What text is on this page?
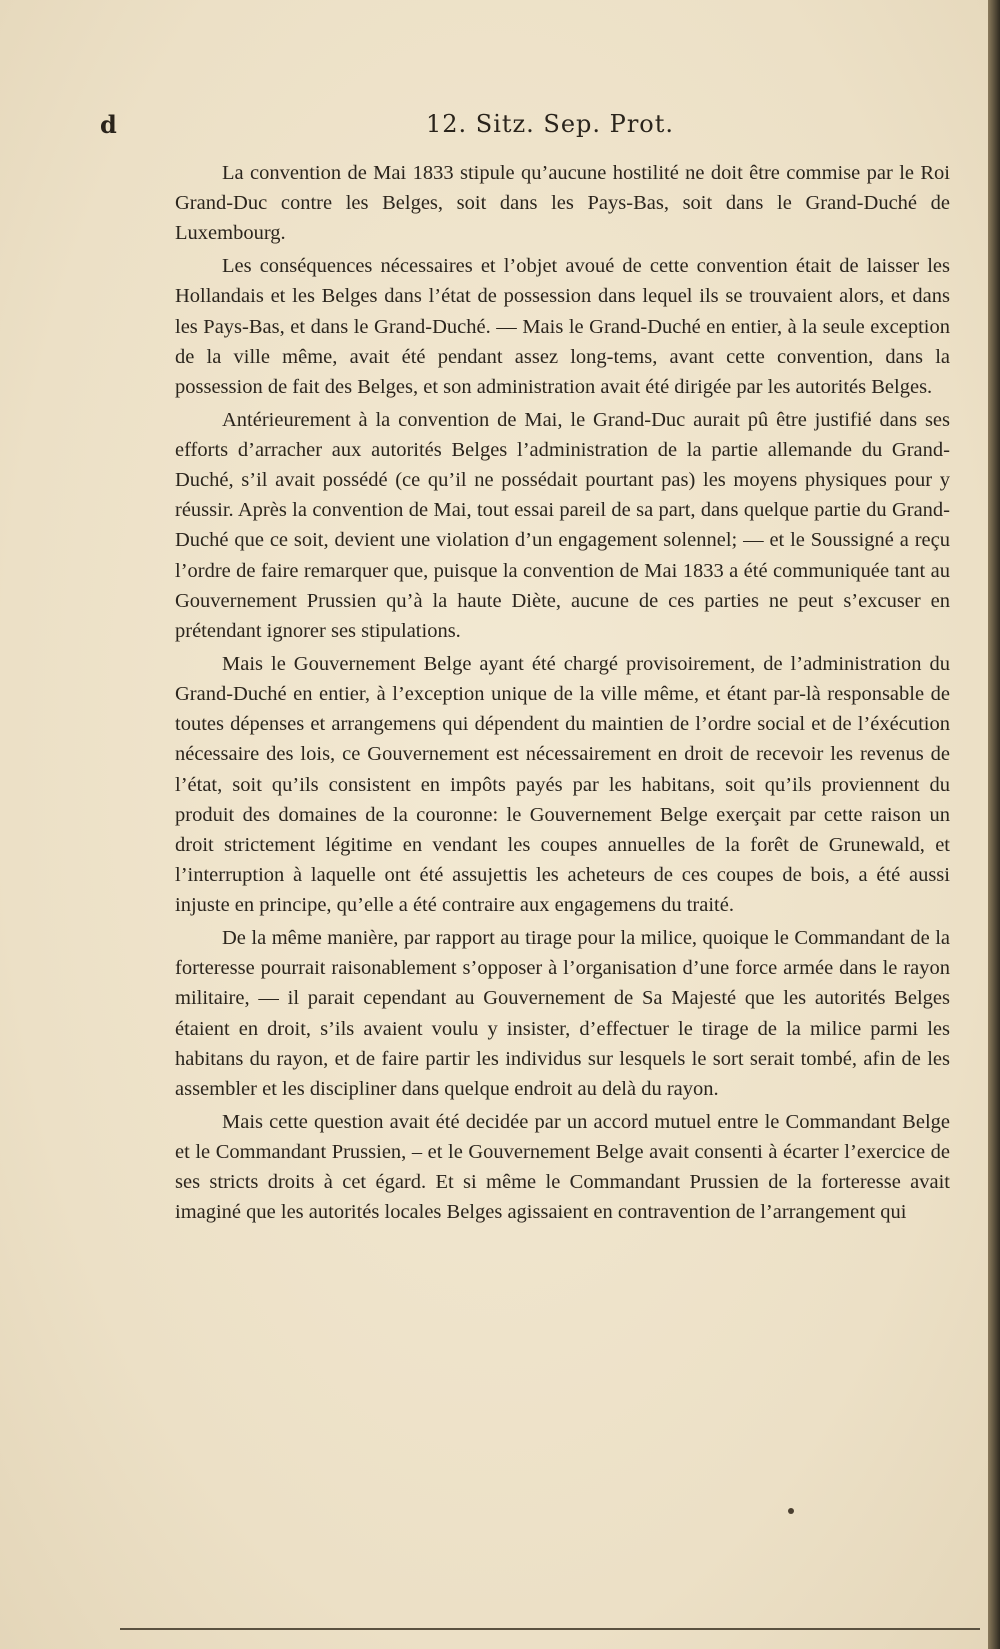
d	12. Sitz. Sep. Prot.

La convention de Mai 1833 stipule qu’aucune hostilité ne doit être commise par le Roi Grand-Duc contre les Belges, soit dans les Pays-Bas, soit dans le Grand-Duché de Luxembourg.

Les conséquences nécessaires et l’objet avoué de cette convention était de laisser les Hollandais et les Belges dans l’état de possession dans lequel ils se trouvaient alors, et dans les Pays-Bas, et dans le Grand-Duché. — Mais le Grand-Duché en entier, à la seule exception de la ville même, avait été pendant assez long-tems, avant cette convention, dans la possession de fait des Belges, et son administration avait été dirigée par les autorités Belges.

Antérieurement à la convention de Mai, le Grand-Duc aurait pû être justifié dans ses efforts d’arracher aux autorités Belges l’administration de la partie allemande du Grand-Duché, s’il avait possédé (ce qu’il ne possédait pourtant pas) les moyens physiques pour y réussir. Après la convention de Mai, tout essai pareil de sa part, dans quelque partie du Grand-Duché que ce soit, devient une violation d’un engagement solennel; — et le Soussigné a reçu l’ordre de faire remarquer que, puisque la convention de Mai 1833 a été communiquée tant au Gouvernement Prussien qu’à la haute Diète, aucune de ces parties ne peut s’excuser en prétendant ignorer ses stipulations.

Mais le Gouvernement Belge ayant été chargé provisoirement, de l’administration du Grand-Duché en entier, à l’exception unique de la ville même, et étant par-là responsable de toutes dépenses et arrangemens qui dépendent du maintien de l’ordre social et de l’éxécution nécessaire des lois, ce Gouvernement est nécessairement en droit de recevoir les revenus de l’état, soit qu’ils consistent en impôts payés par les habitans, soit qu’ils proviennent du produit des domaines de la couronne: le Gouvernement Belge exerçait par cette raison un droit strictement légitime en vendant les coupes annuelles de la forêt de Grunewald, et l’interruption à laquelle ont été assujettis les acheteurs de ces coupes de bois, a été aussi injuste en principe, qu’elle a été contraire aux engagemens du traité.

De la même manière, par rapport au tirage pour la milice, quoique le Commandant de la forteresse pourrait raisonablement s’opposer à l’organisation d’une force armée dans le rayon militaire, — il parait cependant au Gouvernement de Sa Majesté que les autorités Belges étaient en droit, s’ils avaient voulu y insister, d’effectuer le tirage de la milice parmi les habitans du rayon, et de faire partir les individus sur lesquels le sort serait tombé, afin de les assembler et les discipliner dans quelque endroit au delà du rayon.

Mais cette question avait été decidée par un accord mutuel entre le Commandant Belge et le Commandant Prussien, – et le Gouvernement Belge avait consenti à écarter l’exercice de ses stricts droits à cet égard. Et si même le Commandant Prussien de la forteresse avait imaginé que les autorités locales Belges agissaient en contravention de l’arrangement qui
